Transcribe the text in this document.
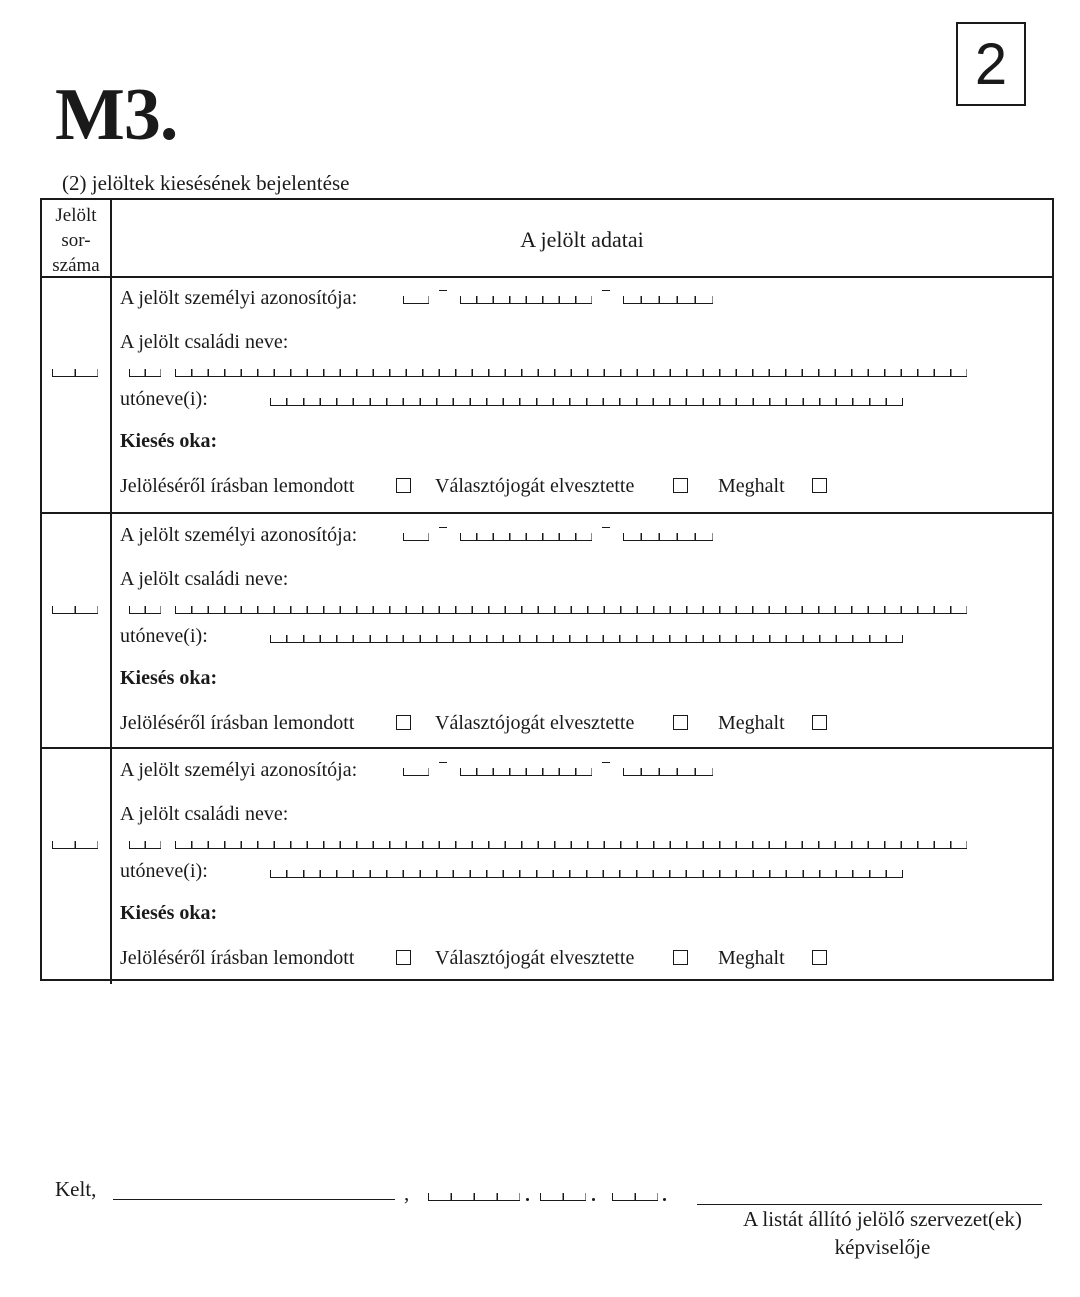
M3.
2
(2) jelöltek kiesésének bejelentése
Jelölt
sor-
száma
A jelölt adatai
A jelölt személyi azonosítója:
A jelölt családi neve:
utóneve(i):
Kiesés oka:
Jelöléséről írásban lemondott	Választójogát elvesztette	Meghalt
A jelölt személyi azonosítója:
A jelölt családi neve:
utóneve(i):
Kiesés oka:
Jelöléséről írásban lemondott	Választójogát elvesztette	Meghalt
A jelölt személyi azonosítója:
A jelölt családi neve:
utóneve(i):
Kiesés oka:
Jelöléséről írásban lemondott	Választójogát elvesztette	Meghalt
Kelt,	,
A listát állító jelölő szervezet(ek)
képviselője
